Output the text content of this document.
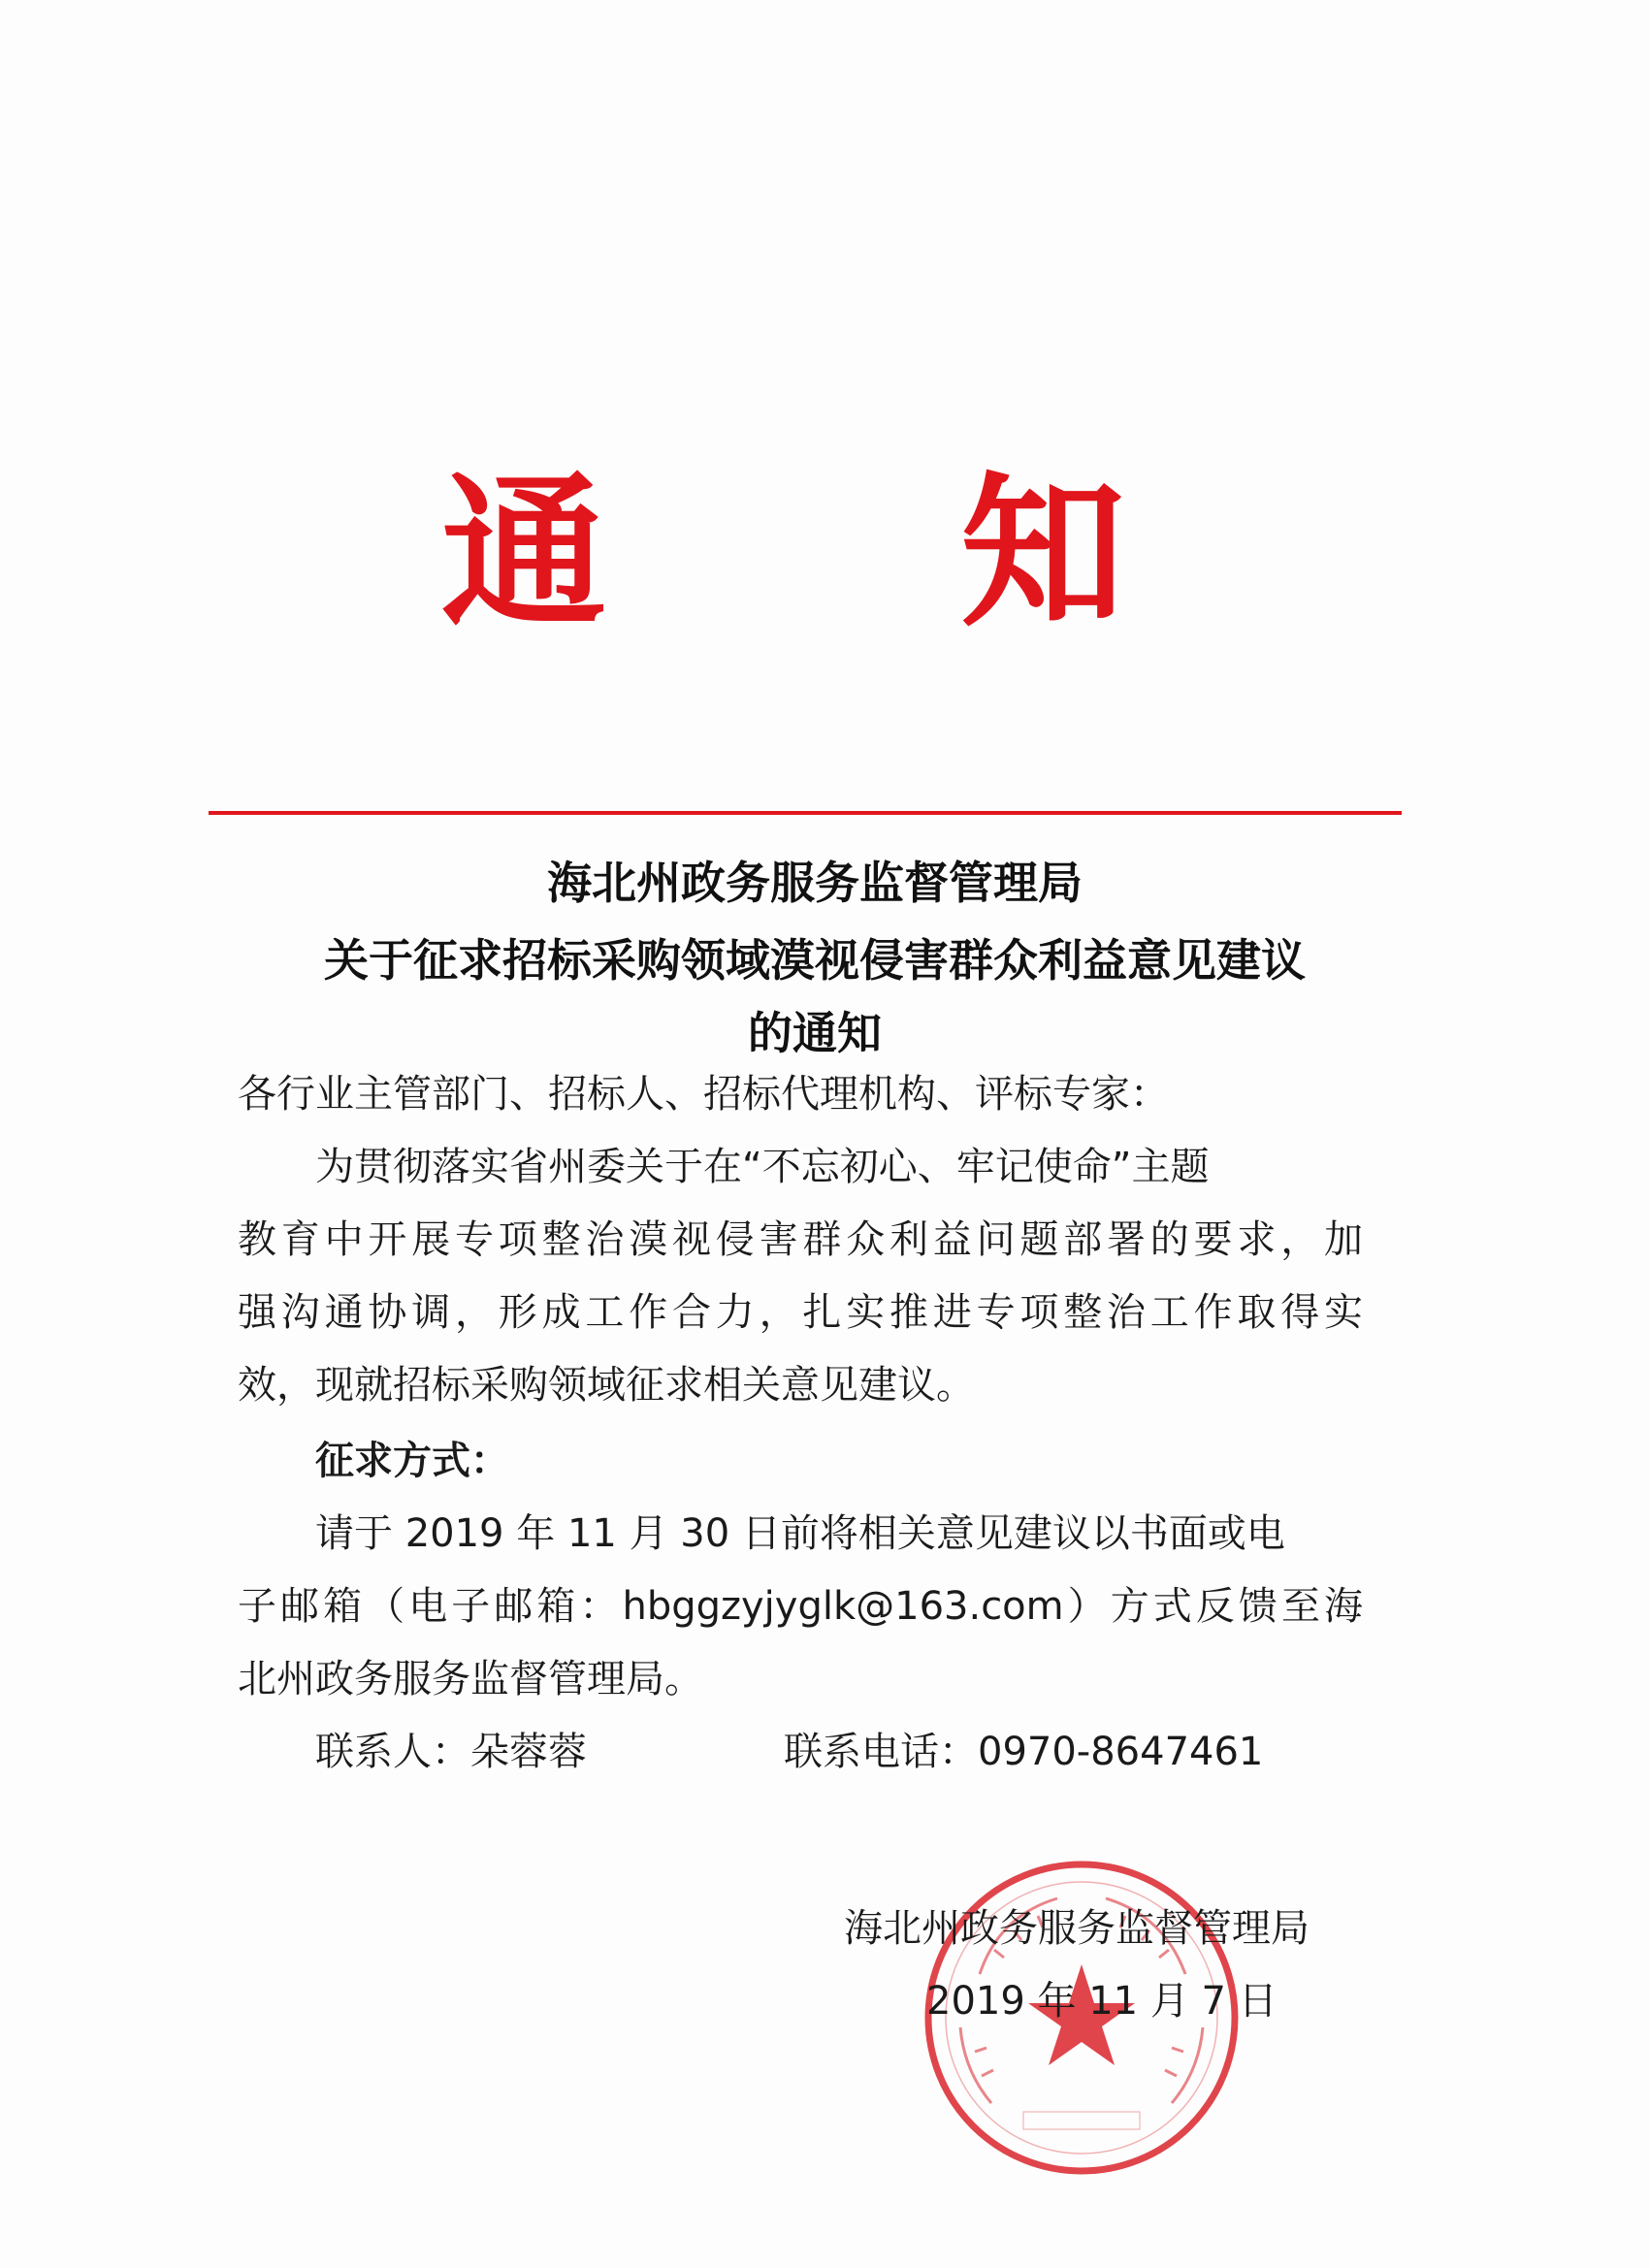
通 知
海北州政务服务监督管理局
关于征求招标采购领域漠视侵害群众利益意见建议
的通知
各行业主管部门、招标人、招标代理机构、评标专家：
为贯彻落实省州委关于在“不忘初心、牢记使命”主题
教育中开展专项整治漠视侵害群众利益问题部署的要求，加
强沟通协调，形成工作合力，扎实推进专项整治工作取得实
效，现就招标采购领域征求相关意见建议。
征求方式：
请于 2019 年 11 月 30 日前将相关意见建议以书面或电
子邮箱（电子邮箱：hbggzyjyglk@163.com）方式反馈至海
北州政务服务监督管理局。
联系人：朵蓉蓉	联系电话：0970-8647461
海北州政务服务监督管理局
2019 年 11 月 7 日
